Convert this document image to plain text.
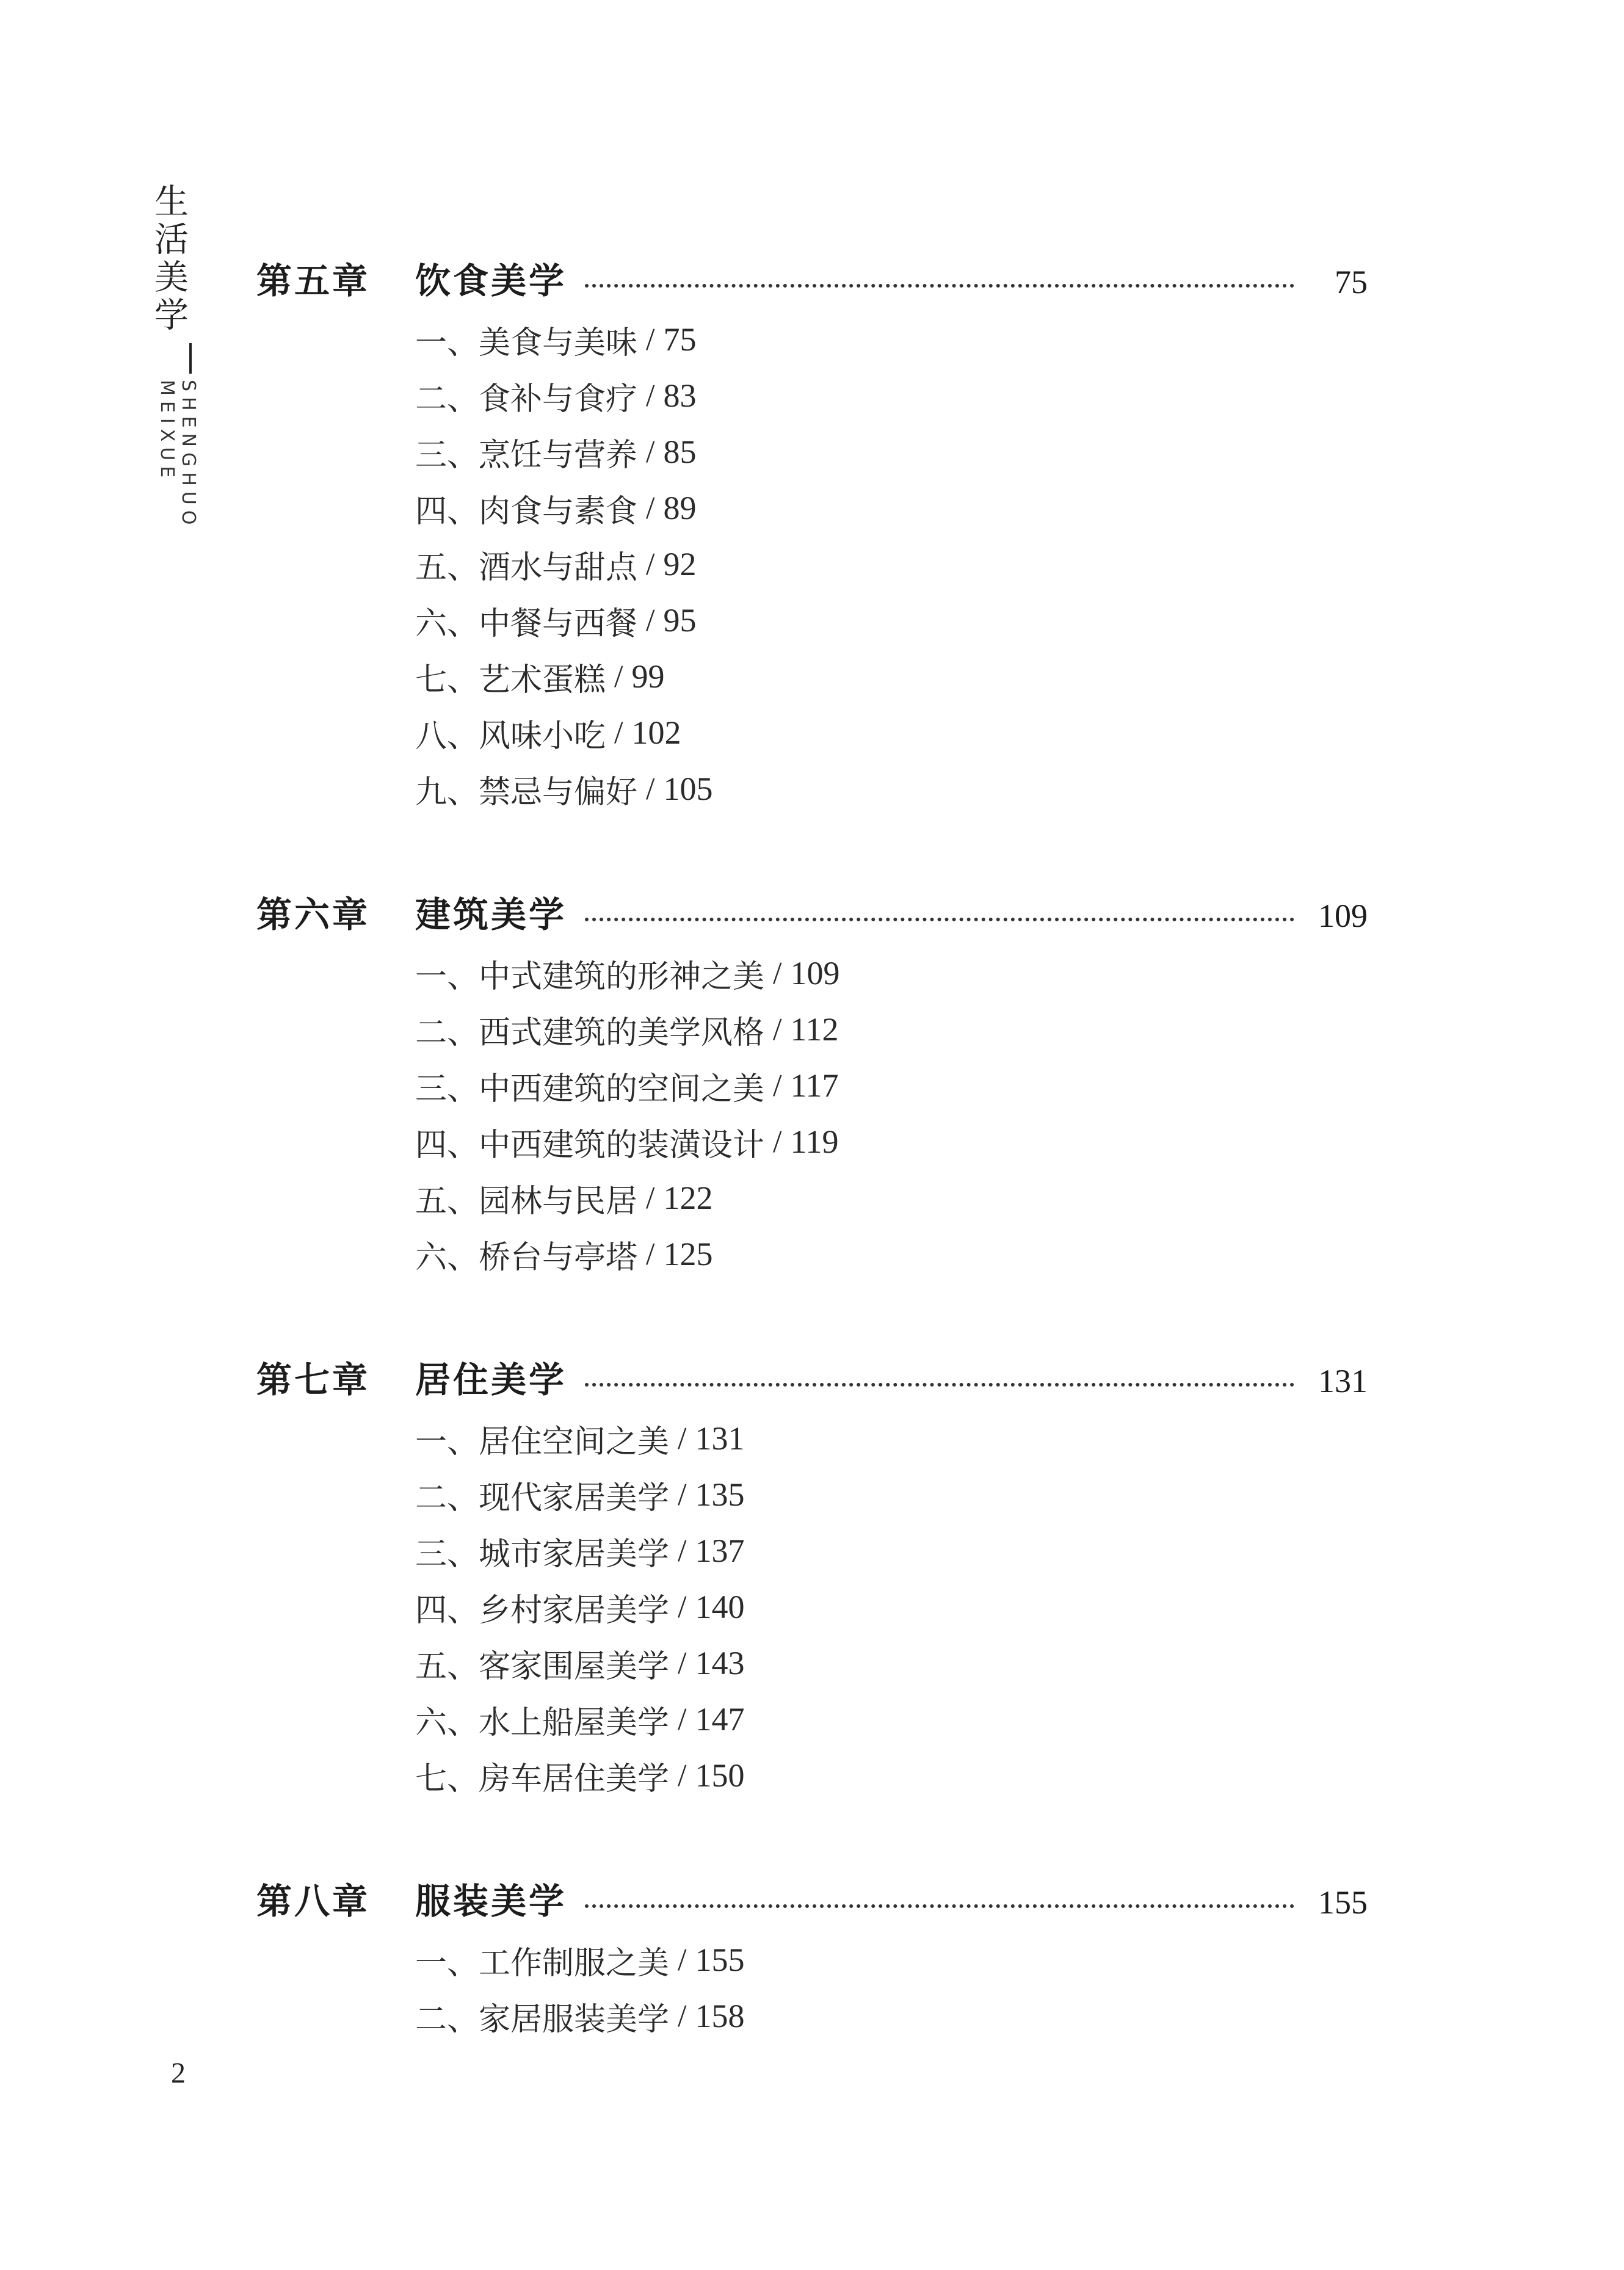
生活美学
SHENGHUO MEIXUE
第五章	饮食美学	75
一、美食与美味 / 75
二、食补与食疗 / 83
三、烹饪与营养 / 85
四、肉食与素食 / 89
五、酒水与甜点 / 92
六、中餐与西餐 / 95
七、艺术蛋糕 / 99
八、风味小吃 / 102
九、禁忌与偏好 / 105
第六章	建筑美学	109
一、中式建筑的形神之美 / 109
二、西式建筑的美学风格 / 112
三、中西建筑的空间之美 / 117
四、中西建筑的装潢设计 / 119
五、园林与民居 / 122
六、桥台与亭塔 / 125
第七章	居住美学	131
一、居住空间之美 / 131
二、现代家居美学 / 135
三、城市家居美学 / 137
四、乡村家居美学 / 140
五、客家围屋美学 / 143
六、水上船屋美学 / 147
七、房车居住美学 / 150
第八章	服装美学	155
一、工作制服之美 / 155
二、家居服装美学 / 158
2
